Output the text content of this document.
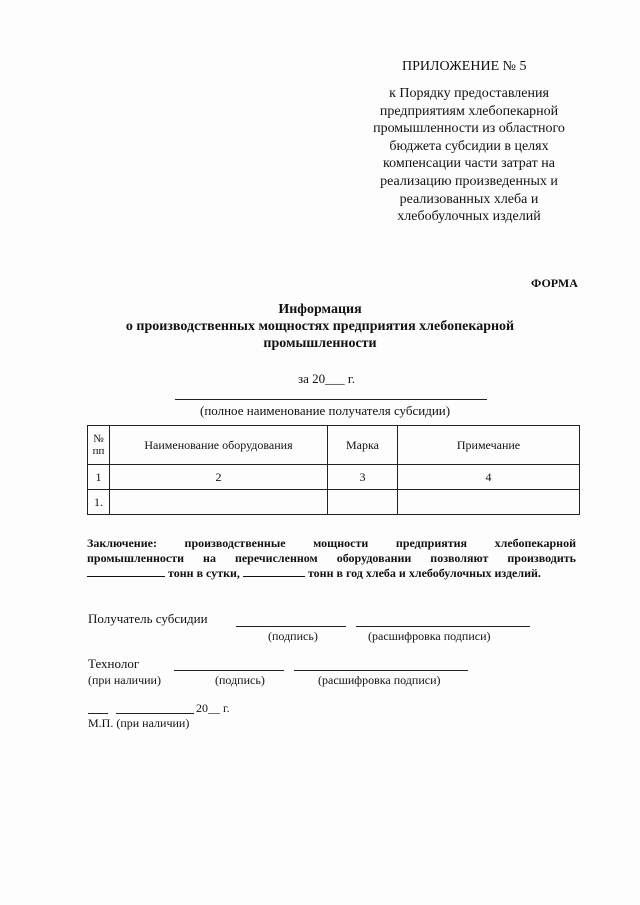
ПРИЛОЖЕНИЕ № 5
к Порядку предоставления
предприятиям хлебопекарной
промышленности из областного
бюджета субсидии в целях
компенсации части затрат на
реализацию произведенных и
реализованных хлеба и
хлебобулочных изделий
ФОРМА
Информация
о производственных мощностях предприятия хлебопекарной
промышленности
за 20___ г.
(полное наименование получателя субсидии)
№ пп	Наименование оборудования	Марка	Примечание
1	2	3	4
1.			
Заключение: производственные мощности предприятия хлебопекарной
промышленности на перечисленном оборудовании позволяют производить
тонн в сутки,	тонн в год хлеба и хлебобулочных изделий.
Получатель субсидии
(подпись)	(расшифровка подписи)
Технолог
(при наличии)	(подпись)	(расшифровка подписи)
20__ г.
М.П. (при наличии)
